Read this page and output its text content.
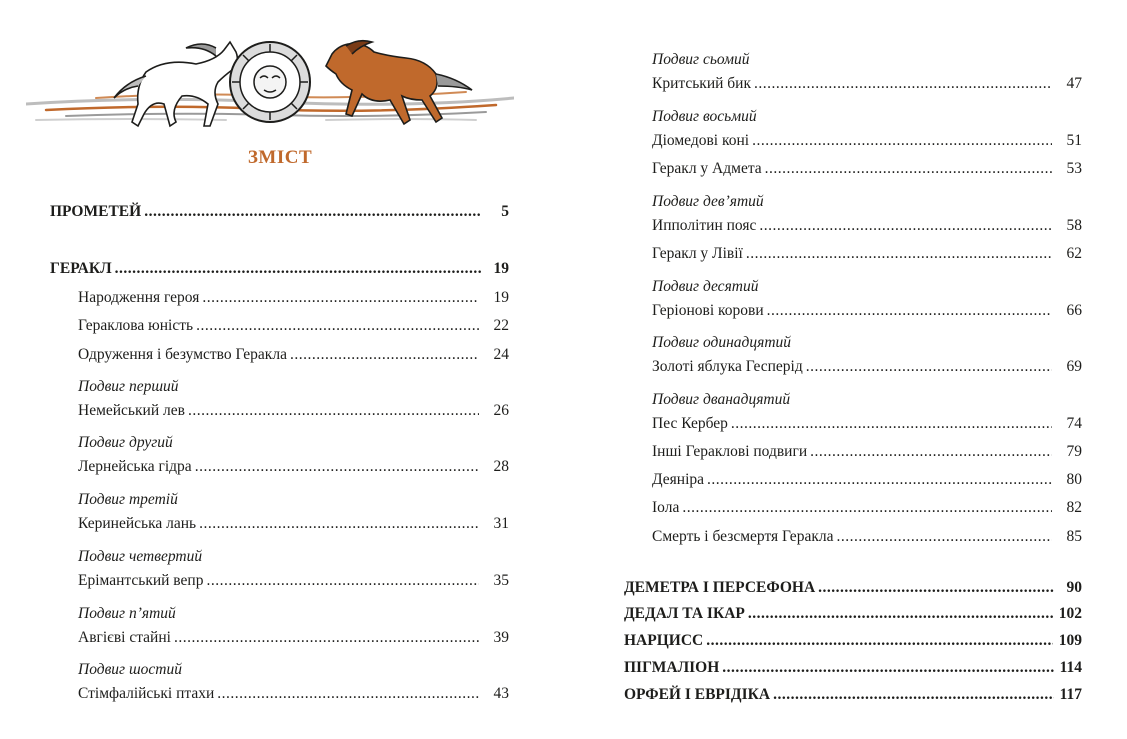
ЗМІСТ
ПРОМЕТЕЙ .....	5
ГЕРАКЛ .....	19
Народження героя .....	19
Гераклова юність .....	22
Одруження і безумство Геракла .....	24
Подвиг перший
Немейський лев .....	26
Подвиг другий
Лернейська гідра .....	28
Подвиг третій
Керинейська лань .....	31
Подвиг четвертий
Ерімантський вепр .....	35
Подвиг п’ятий
Авгієві стайні .....	39
Подвиг шостий
Стімфалійські птахи .....	43
Подвиг сьомий
Критський бик .....	47
Подвиг восьмий
Діомедові коні .....	51
Геракл у Адмета .....	53
Подвиг дев’ятий
Ипполітин пояс .....	58
Геракл у Лівії .....	62
Подвиг десятий
Геріонові корови .....	66
Подвиг одинадцятий
Золоті яблука Гесперід .....	69
Подвиг дванадцятий
Пес Кербер .....	74
Інші Гераклові подвиги .....	79
Деяніра .....	80
Іола .....	82
Смерть і безсмертя Геракла .....	85
ДЕМЕТРА І ПЕРСЕФОНА .....	90
ДЕДАЛ ТА ІКАР .....	102
НАРЦИСС .....	109
ПІГМАЛІОН .....	114
ОРФЕЙ І ЕВРІДІКА .....	117
